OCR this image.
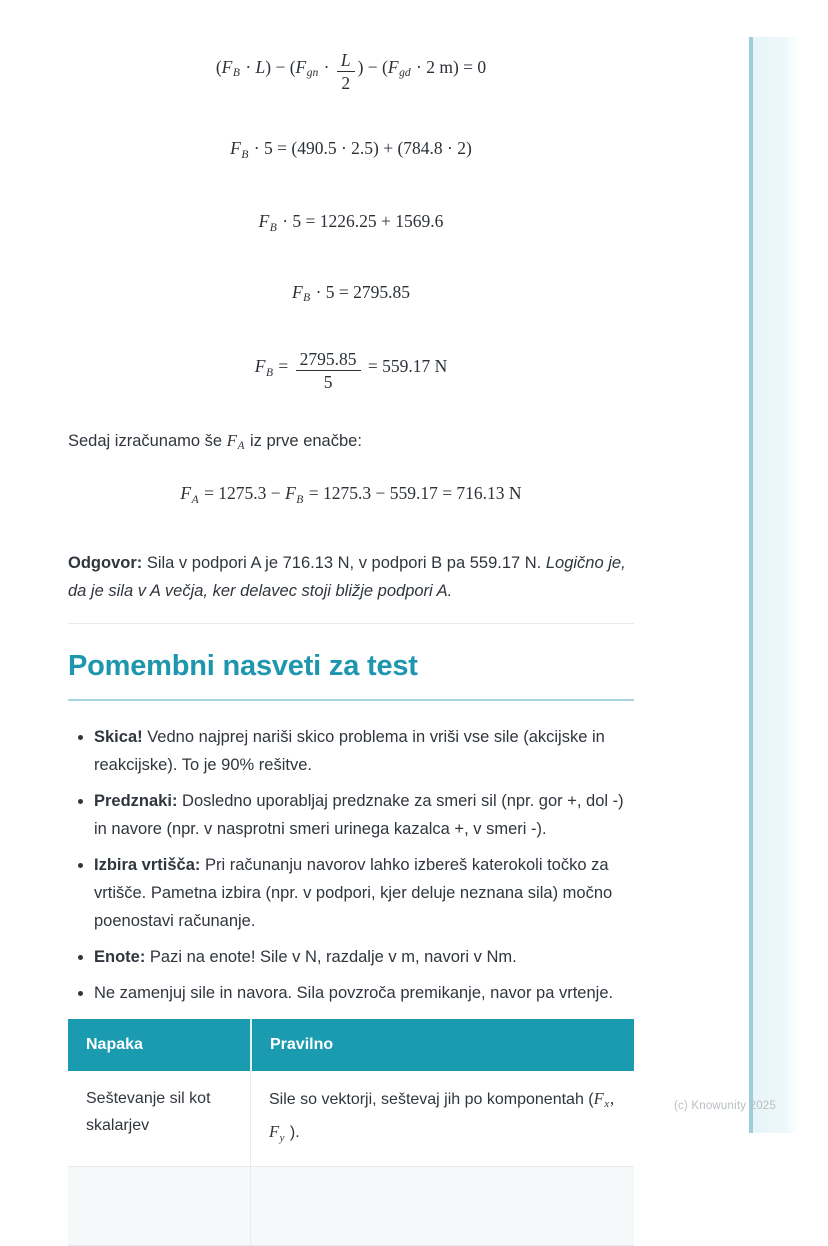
$(F_B \cdot L) - (F_{gn} \cdot \frac{L}{2}$ ) − ($F_{gd} \cdot 2$ m) = 0
$F_B \cdot 5 = (490.5 \cdot 2.5) + (784.8 \cdot 2)$
$F_B \cdot 5 = 1226.25 + 1569.6$
$F_B \cdot 5 = 2795.85$
$F_B = \frac{2795.85}{5} = 559.17$ N

Sedaj izračunamo še $F_A$ iz prve enačbe:

$F_A = 1275.3 - F_B = 1275.3 - 559.17 = 716.13$ N

Odgovor: Sila v podpori A je 716.13 N, v podpori B pa 559.17 N. Logično je, da je sila v A večja, ker delavec stoji bližje podpori A.

Pomembni nasveti za test
• Skica! Vedno najprej nariši skico problema in vriši vse sile (akcijske in reakcijske). To je 90% rešitve.
• Predznaki: Dosledno uporabljaj predznake za smeri sil (npr. gor +, dol -) in navore (npr. v nasprotni smeri urinega kazalca +, v smeri -).
• Izbira vrtišča: Pri računanju navorov lahko izbereš katerokoli točko za vrtišče. Pametna izbira (npr. v podpori, kjer deluje neznana sila) močno poenostavi računanje.
• Enote: Pazi na enote! Sile v N, razdalje v m, navori v Nm.
• Ne zamenjuj sile in navora. Sila povzroča premikanje, navor pa vrtenje.
Napaka	Pravilno
Seštevanje sil kot skalarjev	Sile so vektorji, seštevaj jih po komponentah ($F_x$, $F_y$ ).

(c) Knowunity 2025
